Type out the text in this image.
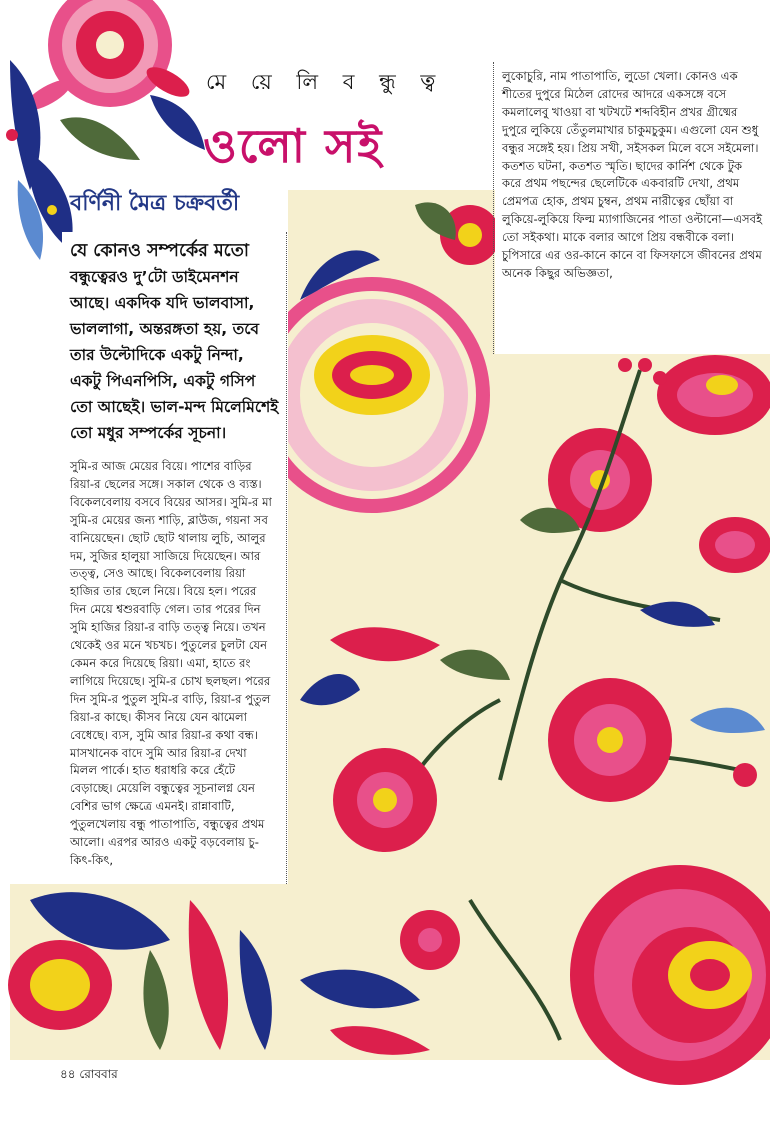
মে য়ে লি ব ন্ধু ত্ব
ওলো সই
বর্ণিনী মৈত্র চক্রবর্তী
যে কোনও সম্পর্কের মতো বন্ধুত্বেরও দু’টো ডাইমেনশন আছে। একদিক যদি ভালবাসা, ভাললাগা, অন্তরঙ্গতা হয়, তবে তার উল্টোদিকে একটু নিন্দা, একটু পিএনপিসি, একটু গসিপ তো আছেই। ভাল-মন্দ মিলেমিশেই তো মধুর সম্পর্কের সূচনা।
সুমি-র আজ মেয়ের বিয়ে। পাশের বাড়ির রিয়া-র ছেলের সঙ্গে। সকাল থেকে ও ব্যস্ত। বিকেলবেলায় বসবে বিয়ের আসর। সুমি-র মা সুমি-র মেয়ের জন্য শাড়ি, ব্লাউজ, গয়না সব বানিয়েছেন। ছোট ছোট থালায় লুচি, আলুর দম, সুজির হালুয়া সাজিয়ে দিয়েছেন। আর তত্ত্ব, সেও আছে। বিকেলবেলায় রিয়া হাজির তার ছেলে নিয়ে। বিয়ে হল। পরের দিন মেয়ে শ্বশুরবাড়ি গেল। তার পরের দিন সুমি হাজির রিয়া-র বাড়ি তত্ত্ব নিয়ে। তখন থেকেই ওর মনে খচখচ। পুতুলের চুলটা যেন কেমন করে দিয়েছে রিয়া। এমা, হাতে রং লাগিয়ে দিয়েছে। সুমি-র চোখ ছলছল। পরের দিন সুমি-র পুতুল সুমি-র বাড়ি, রিয়া-র পুতুল রিয়া-র কাছে। কীসব নিয়ে যেন ঝামেলা বেধেছে। ব্যস, সুমি আর রিয়া-র কথা বন্ধ। মাসখানেক বাদে সুমি আর রিয়া-র দেখা মিলল পার্কে। হাত ধরাধরি করে হেঁটে বেড়াচ্ছে। মেয়েলি বন্ধুত্বের সূচনালগ্ন যেন বেশির ভাগ ক্ষেত্রে এমনই। রান্নাবাটি, পুতুলখেলায় বন্ধু পাতাপাতি, বন্ধুত্বের প্রথম আলো। এরপর আরও একটু বড়বেলায় চু-কিৎ-কিৎ,
লুকোচুরি, নাম পাতাপাতি, লুডো খেলা। কোনও এক শীতের দুপুরে মিঠেল রোদের আদরে একসঙ্গে বসে কমলালেবু খাওয়া বা খটখটে শব্দবিহীন প্রখর গ্রীষ্মের দুপুরে লুকিয়ে তেঁতুলমাখার চাকুমচুকুম। এগুলো যেন শুধু বন্ধুর সঙ্গেই হয়। প্রিয় সখী, সইসকল মিলে বসে সইমেলা। কতশত ঘটনা, কতশত স্মৃতি। ছাদের কার্নিশ থেকে টুক করে প্রথম পছন্দের ছেলেটিকে একবারটি দেখা, প্রথম প্রেমপত্র হোক, প্রথম চুম্বন, প্রথম নারীত্বের ছোঁয়া বা লুকিয়ে-লুকিয়ে ফিল্ম ম্যাগাজিনের পাতা ওল্টানো—এসবই তো সইকথা। মাকে বলার আগে প্রিয় বন্ধবীকে বলা। চুপিসারে এর ওর-কানে কানে বা ফিসফাসে জীবনের প্রথম অনেক কিছুর অভিজ্ঞতা,
৪৪ রোববার
